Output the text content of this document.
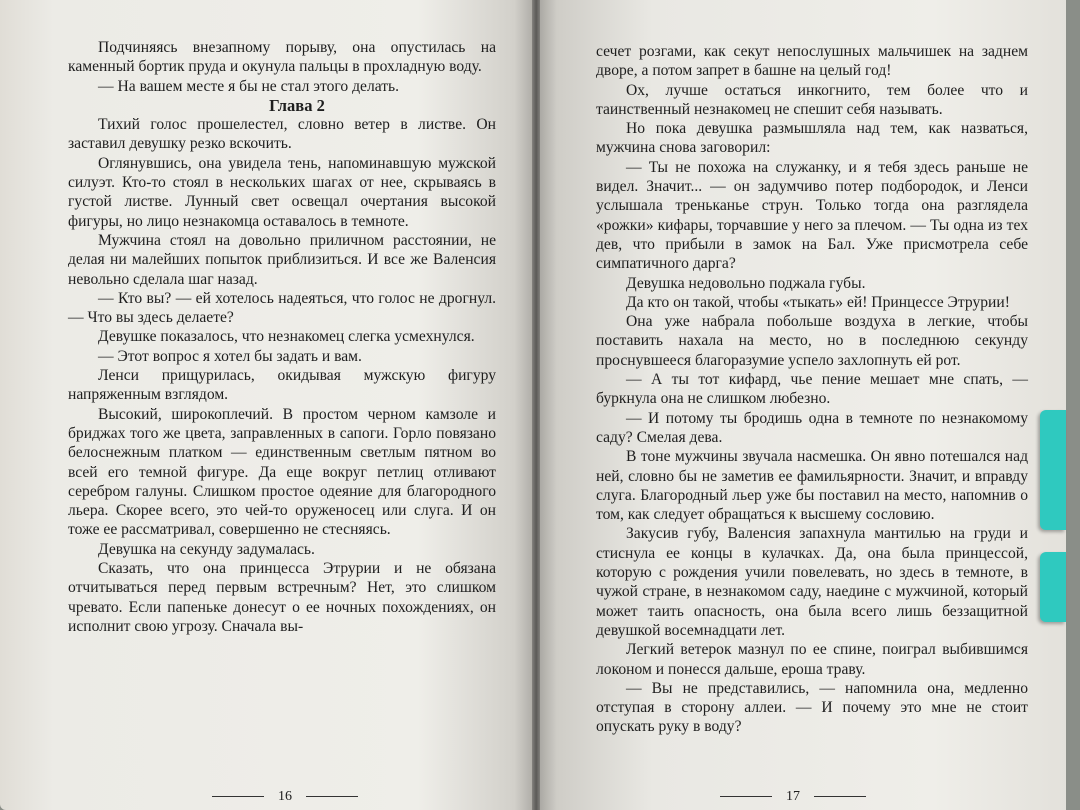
Подчиняясь внезапному порыву, она опустилась на каменный бортик пруда и окунула пальцы в прохладную воду.

— На вашем месте я бы не стал этого делать.

Глава 2

Тихий голос прошелестел, словно ветер в листве. Он заставил девушку резко вскочить.

Оглянувшись, она увидела тень, напоминавшую мужской силуэт. Кто-то стоял в нескольких шагах от нее, скрываясь в густой листве. Лунный свет освещал очертания высокой фигуры, но лицо незнакомца оставалось в темноте.

Мужчина стоял на довольно приличном расстоянии, не делая ни малейших попыток приблизиться. И все же Валенсия невольно сделала шаг назад.

— Кто вы? — ей хотелось надеяться, что голос не дрогнул. — Что вы здесь делаете?

Девушке показалось, что незнакомец слегка усмехнулся.

— Этот вопрос я хотел бы задать и вам.

Ленси прищурилась, окидывая мужскую фигуру напряженным взглядом.

Высокий, широкоплечий. В простом черном камзоле и бриджах того же цвета, заправленных в сапоги. Горло повязано белоснежным платком — единственным светлым пятном во всей его темной фигуре. Да еще вокруг петлиц отливают серебром галуны. Слишком простое одеяние для благородного льера. Скорее всего, это чей-то оруженосец или слуга. И он тоже ее рассматривал, совершенно не стесняясь.

Девушка на секунду задумалась.

Сказать, что она принцесса Этрурии и не обязана отчитываться перед первым встречным? Нет, это слишком чревато. Если папеньке донесут о ее ночных похождениях, он исполнит свою угрозу. Сначала вы-

16

сечет розгами, как секут непослушных мальчишек на заднем дворе, а потом запрет в башне на целый год!

Ох, лучше остаться инкогнито, тем более что и таинственный незнакомец не спешит себя называть.

Но пока девушка размышляла над тем, как назваться, мужчина снова заговорил:

— Ты не похожа на служанку, и я тебя здесь раньше не видел. Значит... — он задумчиво потер подбородок, и Ленси услышала треньканье струн. Только тогда она разглядела «рожки» кифары, торчавшие у него за плечом. — Ты одна из тех дев, что прибыли в замок на Бал. Уже присмотрела себе симпатичного дарга?

Девушка недовольно поджала губы.

Да кто он такой, чтобы «тыкать» ей! Принцессе Этрурии!

Она уже набрала побольше воздуха в легкие, чтобы поставить нахала на место, но в последнюю секунду проснувшееся благоразумие успело захлопнуть ей рот.

— А ты тот кифард, чье пение мешает мне спать, — буркнула она не слишком любезно.

— И потому ты бродишь одна в темноте по незнакомому саду? Смелая дева.

В тоне мужчины звучала насмешка. Он явно потешался над ней, словно бы не заметив ее фамильярности. Значит, и вправду слуга. Благородный льер уже бы поставил на место, напомнив о том, как следует обращаться к высшему сословию.

Закусив губу, Валенсия запахнула мантилью на груди и стиснула ее концы в кулачках. Да, она была принцессой, которую с рождения учили повелевать, но здесь в темноте, в чужой стране, в незнакомом саду, наедине с мужчиной, который может таить опасность, она была всего лишь беззащитной девушкой восемнадцати лет.

Легкий ветерок мазнул по ее спине, поиграл выбившимся локоном и понесся дальше, ероша траву.

— Вы не представились, — напомнила она, медленно отступая в сторону аллеи. — И почему это мне не стоит опускать руку в воду?

17
